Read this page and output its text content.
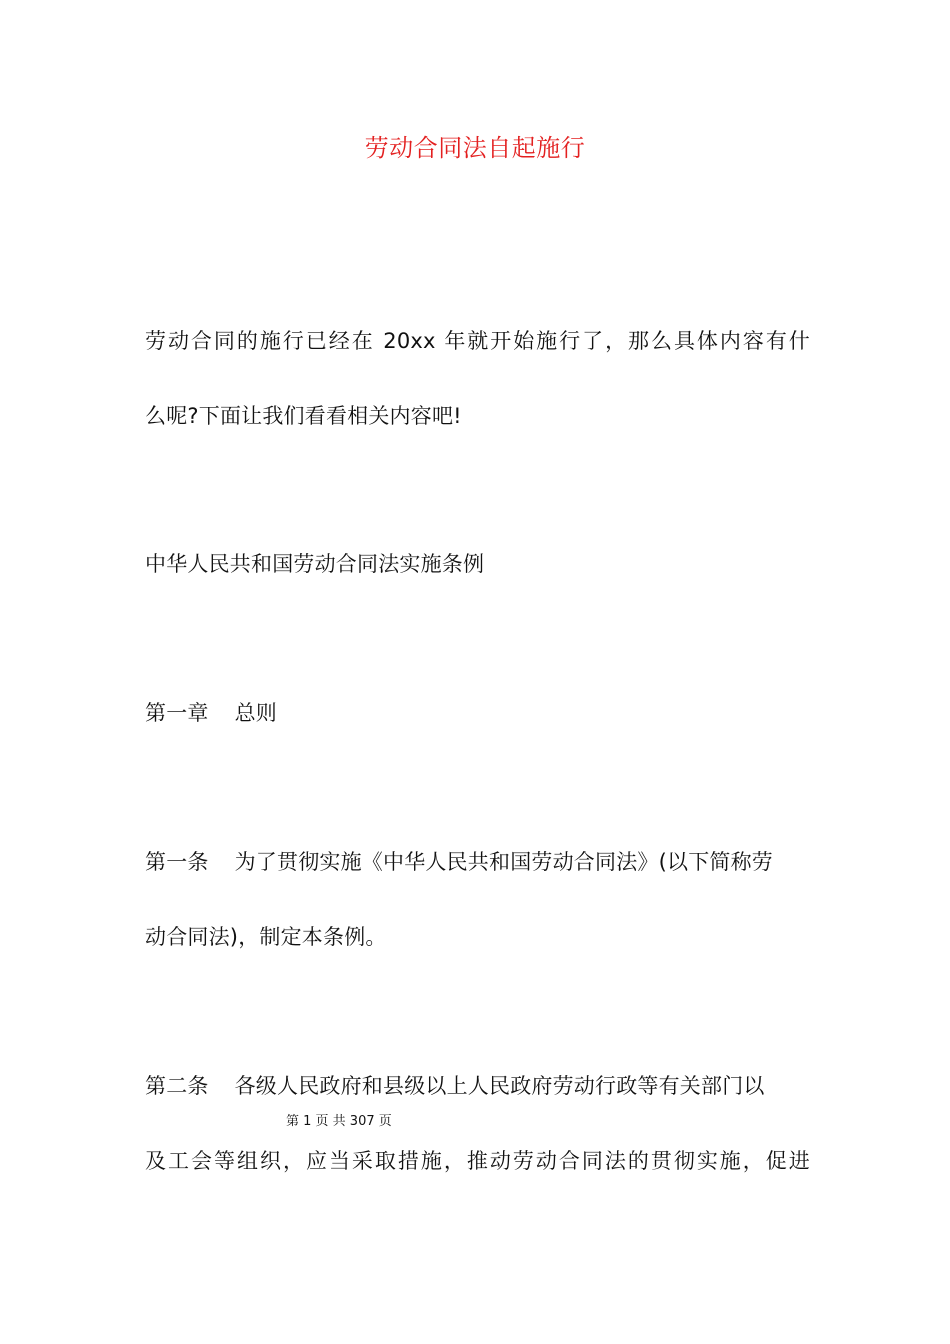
劳动合同法自起施行
劳动合同的施行已经在 20xx 年就开始施行了，那么具体内容有什
么呢?下面让我们看看相关内容吧!
中华人民共和国劳动合同法实施条例
第一章 总则
第一条 为了贯彻实施《中华人民共和国劳动合同法》(以下简称劳
动合同法)，制定本条例。
第二条 各级人民政府和县级以上人民政府劳动行政等有关部门以
第 1 页 共 307 页
及工会等组织，应当采取措施，推动劳动合同法的贯彻实施，促进
